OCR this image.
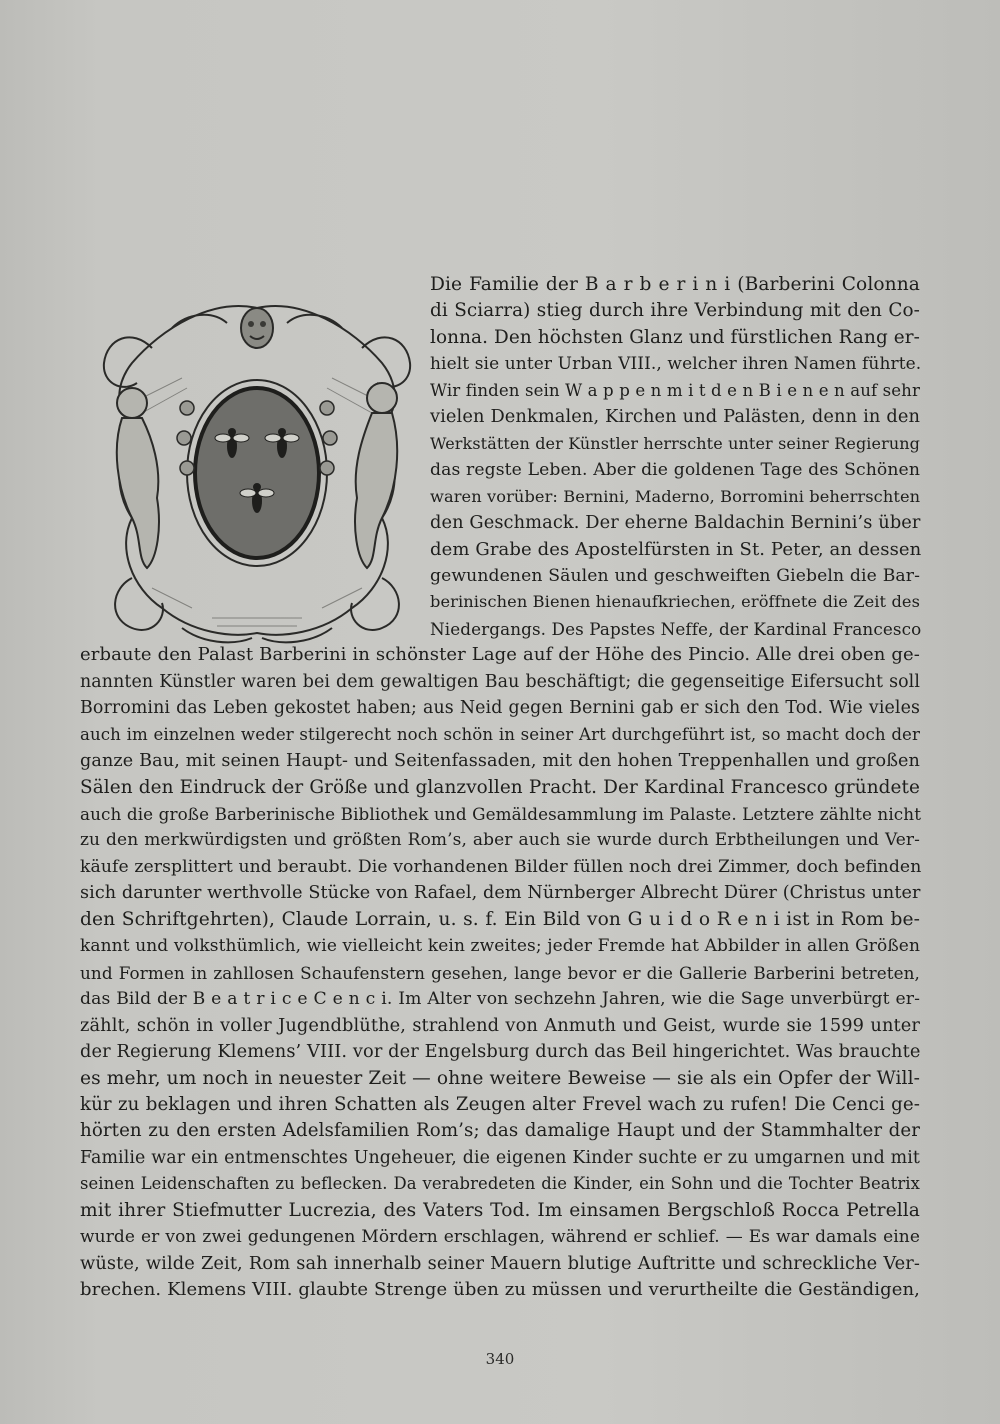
Die Familie der B a r b e r i n i (Barberini Colonna
di Sciarra) stieg durch ihre Verbindung mit den Co-
lonna. Den höchsten Glanz und fürstlichen Rang er-
hielt sie unter Urban VIII., welcher ihren Namen führte.
Wir finden sein W a p p e n m i t d e n B i e n e n auf sehr
vielen Denkmalen, Kirchen und Palästen, denn in den
Werkstätten der Künstler herrschte unter seiner Regierung
das regste Leben. Aber die goldenen Tage des Schönen
waren vorüber: Bernini, Maderno, Borromini beherrschten
den Geschmack. Der eherne Baldachin Bernini’s über
dem Grabe des Apostelfürsten in St. Peter, an dessen
gewundenen Säulen und geschweiften Giebeln die Bar-
berinischen Bienen hienaufkriechen, eröffnete die Zeit des
Niedergangs. Des Papstes Neffe, der Kardinal Francesco
erbaute den Palast Barberini in schönster Lage auf der Höhe des Pincio. Alle drei oben ge-
nannten Künstler waren bei dem gewaltigen Bau beschäftigt; die gegenseitige Eifersucht soll
Borromini das Leben gekostet haben; aus Neid gegen Bernini gab er sich den Tod. Wie vieles
auch im einzelnen weder stilgerecht noch schön in seiner Art durchgeführt ist, so macht doch der
ganze Bau, mit seinen Haupt- und Seitenfassaden, mit den hohen Treppenhallen und großen
Sälen den Eindruck der Größe und glanzvollen Pracht. Der Kardinal Francesco gründete
auch die große Barberinische Bibliothek und Gemäldesammlung im Palaste. Letztere zählte nicht
zu den merkwürdigsten und größten Rom’s, aber auch sie wurde durch Erbtheilungen und Ver-
käufe zersplittert und beraubt. Die vorhandenen Bilder füllen noch drei Zimmer, doch befinden
sich darunter werthvolle Stücke von Rafael, dem Nürnberger Albrecht Dürer (Christus unter
den Schriftgehrten), Claude Lorrain, u. s. f. Ein Bild von G u i d o R e n i ist in Rom be-
kannt und volksthümlich, wie vielleicht kein zweites; jeder Fremde hat Abbilder in allen Größen
und Formen in zahllosen Schaufenstern gesehen, lange bevor er die Gallerie Barberini betreten,
das Bild der B e a t r i c e C e n c i. Im Alter von sechzehn Jahren, wie die Sage unverbürgt er-
zählt, schön in voller Jugendblüthe, strahlend von Anmuth und Geist, wurde sie 1599 unter
der Regierung Klemens’ VIII. vor der Engelsburg durch das Beil hingerichtet. Was brauchte
es mehr, um noch in neuester Zeit — ohne weitere Beweise — sie als ein Opfer der Will-
kür zu beklagen und ihren Schatten als Zeugen alter Frevel wach zu rufen! Die Cenci ge-
hörten zu den ersten Adelsfamilien Rom’s; das damalige Haupt und der Stammhalter der
Familie war ein entmenschtes Ungeheuer, die eigenen Kinder suchte er zu umgarnen und mit
seinen Leidenschaften zu beflecken. Da verabredeten die Kinder, ein Sohn und die Tochter Beatrix
mit ihrer Stiefmutter Lucrezia, des Vaters Tod. Im einsamen Bergschloß Rocca Petrella
wurde er von zwei gedungenen Mördern erschlagen, während er schlief. — Es war damals eine
wüste, wilde Zeit, Rom sah innerhalb seiner Mauern blutige Auftritte und schreckliche Ver-
brechen. Klemens VIII. glaubte Strenge üben zu müssen und verurtheilte die Geständigen,
340
